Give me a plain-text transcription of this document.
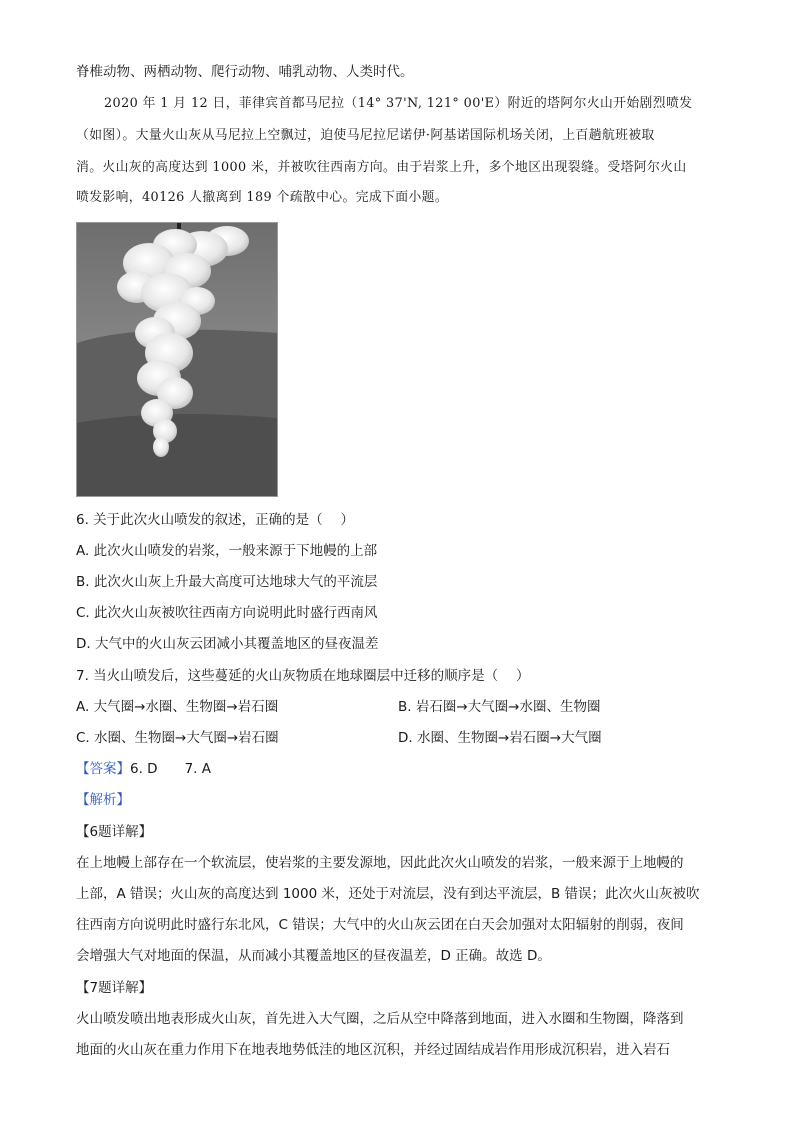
脊椎动物、两栖动物、爬行动物、哺乳动物、人类时代。
2020 年 1 月 12 日，菲律宾首都马尼拉（14° 37'N, 121° 00'E）附近的塔阿尔火山开始剧烈喷发
（如图）。大量火山灰从马尼拉上空飘过，迫使马尼拉尼诺伊·阿基诺国际机场关闭，上百趟航班被取
消。火山灰的高度达到 1000 米，并被吹往西南方向。由于岩浆上升，多个地区出现裂缝。受塔阿尔火山
喷发影响，40126 人撤离到 189 个疏散中心。完成下面小题。
6. 关于此次火山喷发的叙述，正确的是（　 ）
A. 此次火山喷发的岩浆，一般来源于下地幔的上部
B. 此次火山灰上升最大高度可达地球大气的平流层
C. 此次火山灰被吹往西南方向说明此时盛行西南风
D. 大气中的火山灰云团减小其覆盖地区的昼夜温差
7. 当火山喷发后，这些蔓延的火山灰物质在地球圈层中迁移的顺序是（　 ）
A. 大气圈→水圈、生物圈→岩石圈	B. 岩石圈→大气圈→水圈、生物圈
C. 水圈、生物圈→大气圈→岩石圈	D. 水圈、生物圈→岩石圈→大气圈
【答案】6. D　　7. A
【解析】
【6题详解】
在上地幔上部存在一个软流层，使岩浆的主要发源地，因此此次火山喷发的岩浆，一般来源于上地幔的
上部，A 错误；火山灰的高度达到 1000 米，还处于对流层，没有到达平流层，B 错误；此次火山灰被吹
往西南方向说明此时盛行东北风，C 错误；大气中的火山灰云团在白天会加强对太阳辐射的削弱，夜间
会增强大气对地面的保温，从而减小其覆盖地区的昼夜温差，D 正确。故选 D。
【7题详解】
火山喷发喷出地表形成火山灰，首先进入大气圈，之后从空中降落到地面，进入水圈和生物圈，降落到
地面的火山灰在重力作用下在地表地势低洼的地区沉积，并经过固结成岩作用形成沉积岩，进入岩石
